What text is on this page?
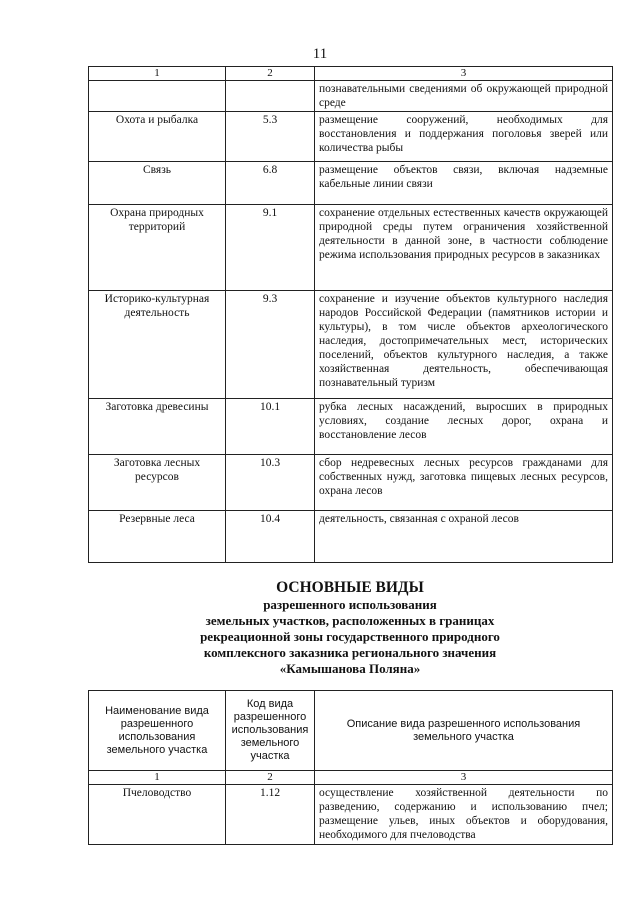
11
1	2	3
		познавательными сведениями об окружающей природной среде
Охота и рыбалка	5.3	размещение сооружений, необходимых для восстановления и поддержания поголовья зверей или количества рыбы
Связь	6.8	размещение объектов связи, включая надземные кабельные линии связи
Охрана природных территорий	9.1	сохранение отдельных естественных качеств окружающей природной среды путем ограничения хозяйственной деятельности в данной зоне, в частности соблюдение режима использования природных ресурсов в заказниках
Историко-культурная деятельность	9.3	сохранение и изучение объектов культурного наследия народов Российской Федерации (памятников истории и культуры), в том числе объектов археологического наследия, достопримечательных мест, исторических поселений, объектов культурного наследия, а также хозяйственная деятельность, обеспечивающая познавательный туризм
Заготовка древесины	10.1	рубка лесных насаждений, выросших в природных условиях, создание лесных дорог, охрана и восстановление лесов
Заготовка лесных ресурсов	10.3	сбор недревесных лесных ресурсов гражданами для собственных нужд, заготовка пищевых лесных ресурсов, охрана лесов
Резервные леса	10.4	деятельность, связанная с охраной лесов
ОСНОВНЫЕ ВИДЫ
разрешенного использования
земельных участков, расположенных в границах
рекреационной зоны государственного природного
комплексного заказника регионального значения
«Камышанова Поляна»
Наименование вида разрешенного использования земельного участка	Код вида разрешенного использования земельного участка	Описание вида разрешенного использования земельного участка
1	2	3
Пчеловодство	1.12	осуществление хозяйственной деятельности по разведению, содержанию и использованию пчел; размещение ульев, иных объектов и оборудования, необходимого для пчеловодства
